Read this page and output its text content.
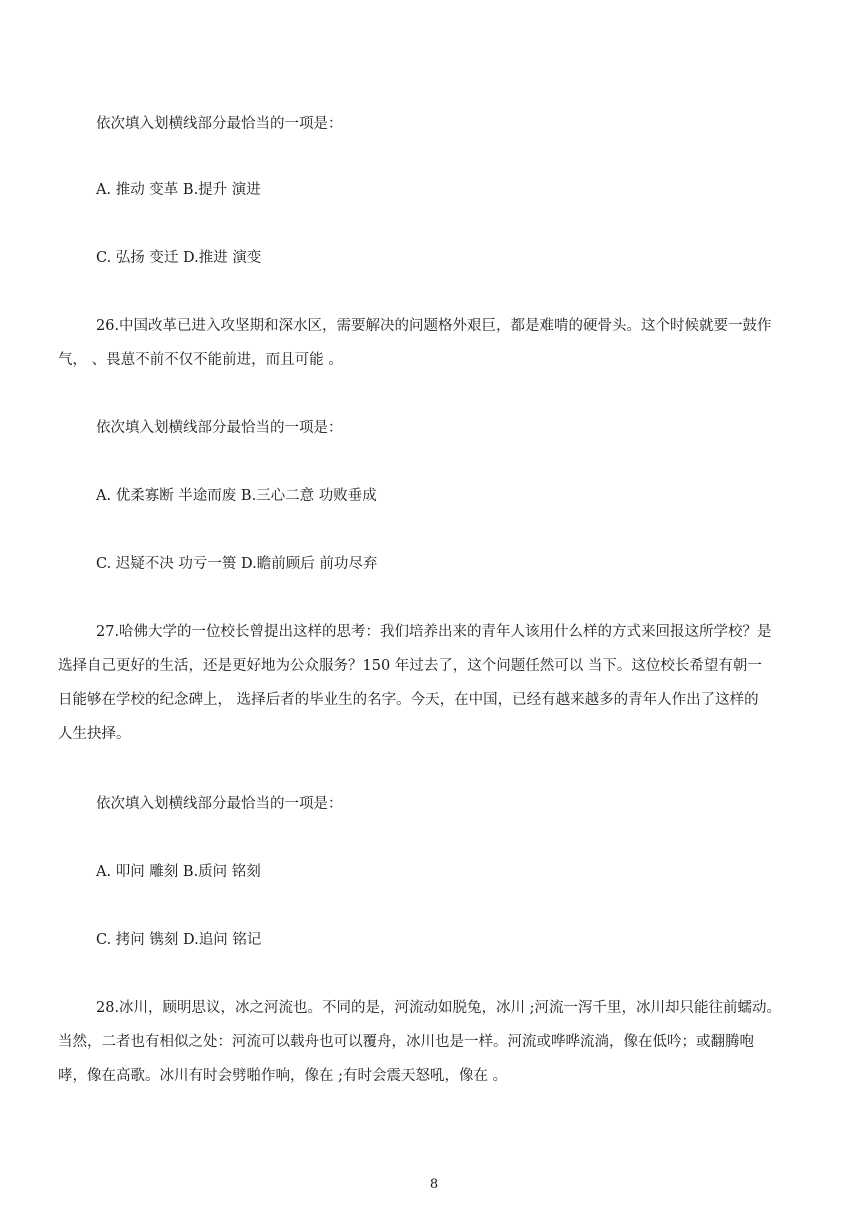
依次填入划横线部分最恰当的一项是：
A. 推动 变革 B.提升 演进
C. 弘扬 变迁 D.推进 演变
26.中国改革已进入攻坚期和深水区，需要解决的问题格外艰巨，都是难啃的硬骨头。这个时候就要一鼓作
气， 、畏葸不前不仅不能前进，而且可能 。
依次填入划横线部分最恰当的一项是：
A. 优柔寡断 半途而废 B.三心二意 功败垂成
C. 迟疑不决 功亏一篑 D.瞻前顾后 前功尽弃
27.哈佛大学的一位校长曾提出这样的思考：我们培养出来的青年人该用什么样的方式来回报这所学校？是
选择自己更好的生活，还是更好地为公众服务？150 年过去了，这个问题任然可以 当下。这位校长希望有朝一
日能够在学校的纪念碑上， 选择后者的毕业生的名字。今天，在中国，已经有越来越多的青年人作出了这样的
人生抉择。
依次填入划横线部分最恰当的一项是：
A. 叩问 雕刻 B.质问 铭刻
C. 拷问 镌刻 D.追问 铭记
28.冰川，顾明思议，冰之河流也。不同的是，河流动如脱兔，冰川 ;河流一泻千里，冰川却只能往前蠕动。
当然，二者也有相似之处：河流可以载舟也可以覆舟，冰川也是一样。河流或哗哗流淌，像在低吟；或翻腾咆
哮，像在高歌。冰川有时会劈啪作响，像在 ;有时会震天怒吼，像在 。
8
